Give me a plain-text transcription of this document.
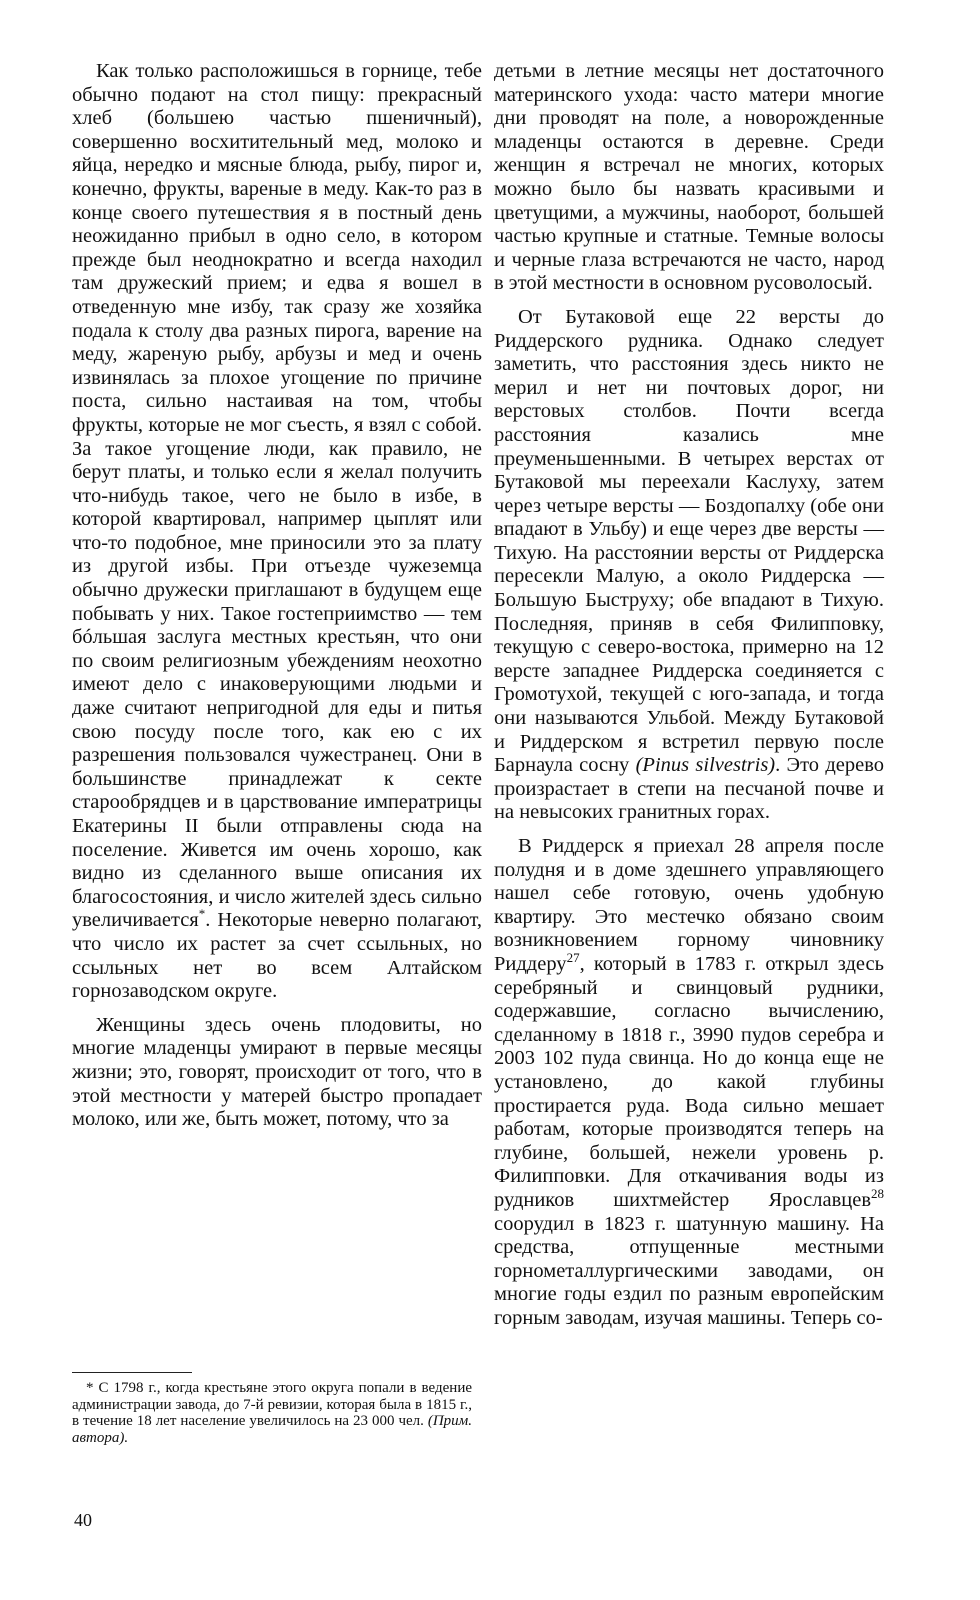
Как только расположишься в горнице, тебе обычно подают на стол пищу: прекрасный хлеб (большею частью пшеничный), совершенно восхитительный мед, молоко и яйца, нередко и мясные блюда, рыбу, пирог и, конечно, фрукты, вареные в меду. Как-то раз в конце своего путешествия я в постный день неожиданно прибыл в одно село, в котором прежде был неоднократно и всегда находил там дружеский прием; и едва я вошел в отведенную мне избу, так сразу же хозяйка подала к столу два разных пирога, варение на меду, жареную рыбу, арбузы и мед и очень извинялась за плохое угощение по причине поста, сильно настаивая на том, чтобы фрукты, которые не мог съесть, я взял с собой. За такое угощение люди, как правило, не берут платы, и только если я желал получить что-нибудь такое, чего не было в избе, в которой квартировал, например цыплят или что-то подобное, мне приносили это за плату из другой избы. При отъезде чужеземца обычно дружески приглашают в будущем еще побывать у них. Такое гостеприимство — тем бóльшая заслуга местных крестьян, что они по своим религиозным убеждениям неохотно имеют дело с инаковерующими людьми и даже считают непригодной для еды и питья свою посуду после того, как ею с их разрешения пользовался чужестранец. Они в большинстве принадлежат к секте старообрядцев и в царствование императрицы Екатерины II были отправлены сюда на поселение. Живется им очень хорошо, как видно из сделанного выше описания их благосостояния, и число жителей здесь сильно увеличивается*. Некоторые неверно полагают, что число их растет за счет ссыльных, но ссыльных нет во всем Алтайском горнозаводском округе.

Женщины здесь очень плодовиты, но многие младенцы умирают в первые месяцы жизни; это, говорят, происходит от того, что в этой местности у матерей быстро пропадает молоко, или же, быть может, потому, что за

детьми в летние месяцы нет достаточного материнского ухода: часто матери многие дни проводят на поле, а новорожденные младенцы остаются в деревне. Среди женщин я встречал не многих, которых можно было бы назвать красивыми и цветущими, а мужчины, наоборот, большей частью крупные и статные. Темные волосы и черные глаза встречаются не часто, народ в этой местности в основном русоволосый.

От Бутаковой еще 22 версты до Риддерского рудника. Однако следует заметить, что расстояния здесь никто не мерил и нет ни почтовых дорог, ни верстовых столбов. Почти всегда расстояния казались мне преуменьшенными. В четырех верстах от Бутаковой мы переехали Каслуху, затем через четыре версты — Боздопалху (обе они впадают в Ульбу) и еще через две версты — Тихую. На расстоянии версты от Риддерска пересекли Малую, а около Риддерска — Большую Быструху; обе впадают в Тихую. Последняя, приняв в себя Филипповку, текущую с северо-востока, примерно на 12 версте западнее Риддерска соединяется с Громотухой, текущей с юго-запада, и тогда они называются Ульбой. Между Бутаковой и Риддерском я встретил первую после Барнаула сосну (Pinus silvestris). Это дерево произрастает в степи на песчаной почве и на невысоких гранитных горах.

В Риддерск я приехал 28 апреля после полудня и в доме здешнего управляющего нашел себе готовую, очень удобную квартиру. Это местечко обязано своим возникновением горному чиновнику Риддеру$^{27}$, который в 1783 г. открыл здесь серебряный и свинцовый рудники, содержавшие, согласно вычислению, сделанному в 1818 г., 3990 пудов серебра и 2003 102 пуда свинца. Но до конца еще не установлено, до какой глубины простирается руда. Вода сильно мешает работам, которые производятся теперь на глубине, большей, нежели уровень р. Филипповки. Для откачивания воды из рудников шихтмейстер Ярославцев$^{28}$ соорудил в 1823 г. шатунную машину. На средства, отпущенные местными горнометаллургическими заводами, он многие годы ездил по разным европейским горным заводам, изучая машины. Теперь со-

* С 1798 г., когда крестьяне этого округа попали в ведение администрации завода, до 7-й ревизии, которая была в 1815 г., в течение 18 лет население увеличилось на 23 000 чел. (Прим. автора).
40
